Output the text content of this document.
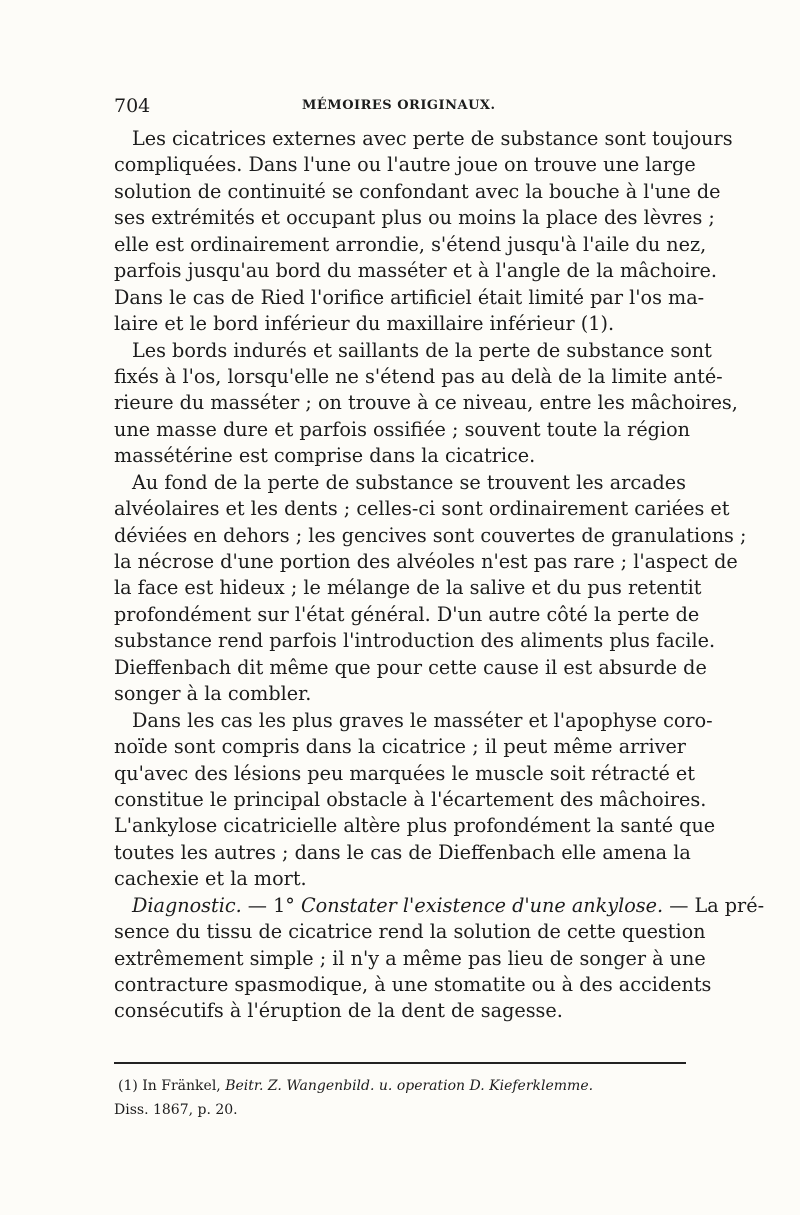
704	MÉMOIRES ORIGINAUX.
Les cicatrices externes avec perte de substance sont toujours
compliquées. Dans l'une ou l'autre joue on trouve une large
solution de continuité se confondant avec la bouche à l'une de
ses extrémités et occupant plus ou moins la place des lèvres ;
elle est ordinairement arrondie, s'étend jusqu'à l'aile du nez,
parfois jusqu'au bord du masséter et à l'angle de la mâchoire.
Dans le cas de Ried l'orifice artificiel était limité par l'os ma-
laire et le bord inférieur du maxillaire inférieur (1).
Les bords indurés et saillants de la perte de substance sont
fixés à l'os, lorsqu'elle ne s'étend pas au delà de la limite anté-
rieure du masséter ; on trouve à ce niveau, entre les mâchoires,
une masse dure et parfois ossifiée ; souvent toute la région
massétérine est comprise dans la cicatrice.
Au fond de la perte de substance se trouvent les arcades
alvéolaires et les dents ; celles-ci sont ordinairement cariées et
déviées en dehors ; les gencives sont couvertes de granulations ;
la nécrose d'une portion des alvéoles n'est pas rare ; l'aspect de
la face est hideux ; le mélange de la salive et du pus retentit
profondément sur l'état général. D'un autre côté la perte de
substance rend parfois l'introduction des aliments plus facile.
Dieffenbach dit même que pour cette cause il est absurde de
songer à la combler.
Dans les cas les plus graves le masséter et l'apophyse coro-
noïde sont compris dans la cicatrice ; il peut même arriver
qu'avec des lésions peu marquées le muscle soit rétracté et
constitue le principal obstacle à l'écartement des mâchoires.
L'ankylose cicatricielle altère plus profondément la santé que
toutes les autres ; dans le cas de Dieffenbach elle amena la
cachexie et la mort.
Diagnostic. — 1° Constater l'existence d'une ankylose. — La pré-
sence du tissu de cicatrice rend la solution de cette question
extrêmement simple ; il n'y a même pas lieu de songer à une
contracture spasmodique, à une stomatite ou à des accidents
consécutifs à l'éruption de la dent de sagesse.
(1) In Fränkel, Beitr. Z. Wangenbild. u. operation D. Kieferklemme.
Diss. 1867, p. 20.
